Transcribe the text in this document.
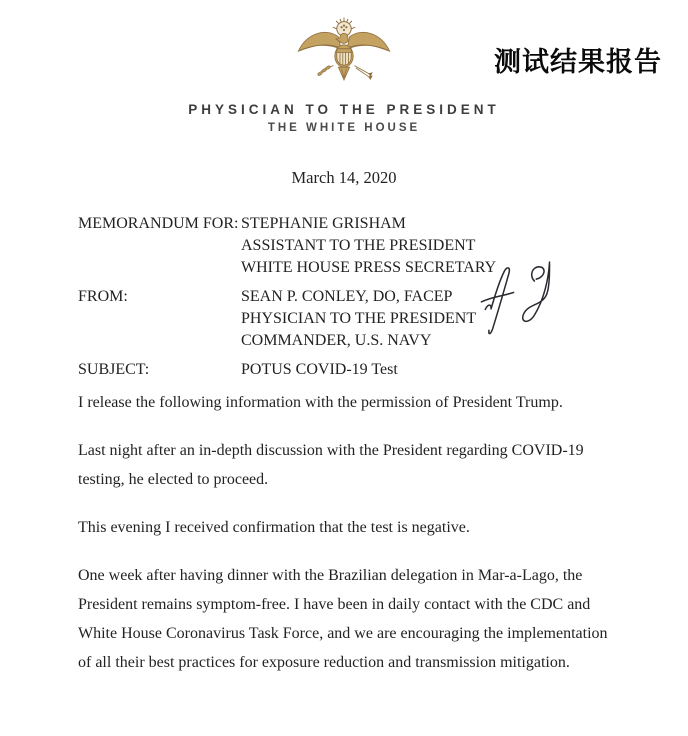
PHYSICIAN TO THE PRESIDENT
THE WHITE HOUSE
测试结果报告
March 14, 2020
MEMORANDUM FOR: STEPHANIE GRISHAM
ASSISTANT TO THE PRESIDENT
WHITE HOUSE PRESS SECRETARY
FROM:	SEAN P. CONLEY, DO, FACEP
PHYSICIAN TO THE PRESIDENT
COMMANDER, U.S. NAVY
SUBJECT:	POTUS COVID-19 Test

I release the following information with the permission of President Trump.

Last night after an in-depth discussion with the President regarding COVID-19 testing, he elected to proceed.

This evening I received confirmation that the test is negative.

One week after having dinner with the Brazilian delegation in Mar-a-Lago, the President remains symptom-free. I have been in daily contact with the CDC and White House Coronavirus Task Force, and we are encouraging the implementation of all their best practices for exposure reduction and transmission mitigation.
